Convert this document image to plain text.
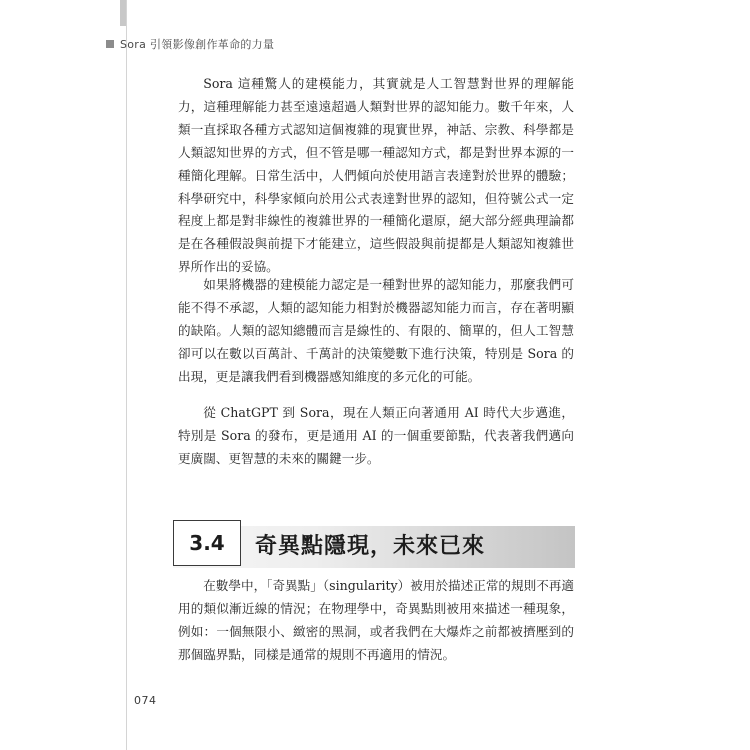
Sora 引領影像創作革命的力量

Sora 這種驚人的建模能力，其實就是人工智慧對世界的理解能力，這種理解能力甚至遠遠超過人類對世界的認知能力。數千年來，人類一直採取各種方式認知這個複雜的現實世界，神話、宗教、科學都是人類認知世界的方式，但不管是哪一種認知方式，都是對世界本源的一種簡化理解。日常生活中，人們傾向於使用語言表達對於世界的體驗；科學研究中，科學家傾向於用公式表達對世界的認知，但符號公式一定程度上都是對非線性的複雜世界的一種簡化還原，絕大部分經典理論都是在各種假設與前提下才能建立，這些假設與前提都是人類認知複雜世界所作出的妥協。

如果將機器的建模能力認定是一種對世界的認知能力，那麼我們可能不得不承認，人類的認知能力相對於機器認知能力而言，存在著明顯的缺陷。人類的認知總體而言是線性的、有限的、簡單的，但人工智慧卻可以在數以百萬計、千萬計的決策變數下進行決策，特別是 Sora 的出現，更是讓我們看到機器感知維度的多元化的可能。

從 ChatGPT 到 Sora，現在人類正向著通用 AI 時代大步邁進，特別是 Sora 的發布，更是通用 AI 的一個重要節點，代表著我們邁向更廣闊、更智慧的未來的關鍵一步。

3.4	奇異點隱現，未來已來

在數學中，「奇異點」（singularity）被用於描述正常的規則不再適用的類似漸近線的情況；在物理學中，奇異點則被用來描述一種現象，例如：一個無限小、緻密的黑洞，或者我們在大爆炸之前都被擠壓到的那個臨界點，同樣是通常的規則不再適用的情況。

074
